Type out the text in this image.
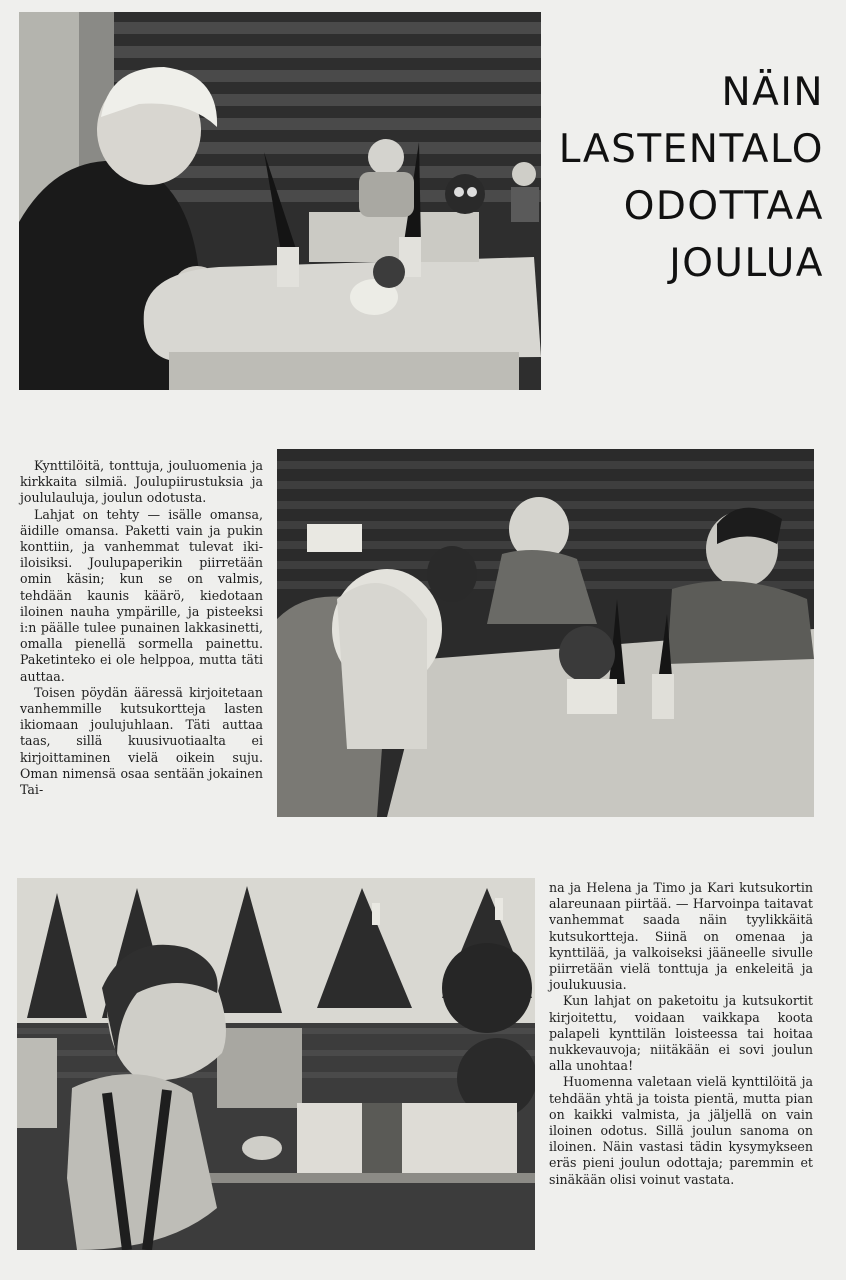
NÄIN
LASTENTALO
ODOTTAA
JOULUA

Kynttilöitä, tonttuja, jouluomenia ja kirkkaita silmiä. Joulupiirustuksia ja joululauluja, joulun odotusta.

Lahjat on tehty — isälle omansa, äidille omansa. Paketti vain ja pukin konttiin, ja vanhemmat tulevat iki-iloisiksi. Joulupaperikin piirretään omin käsin; kun se on valmis, tehdään kaunis käärö, kiedotaan iloinen nauha ympärille, ja pisteeksi i:n päälle tulee punainen lakkasinetti, omalla pienellä sormella painettu. Paketinteko ei ole helppoa, mutta täti auttaa.

Toisen pöydän ääressä kirjoitetaan vanhemmille kutsukortteja lasten ikiomaan joulujuhlaan. Täti auttaa taas, sillä kuusivuotiaalta ei kirjoittaminen vielä oikein suju. Oman nimensä osaa sentään jokainen Tai-

na ja Helena ja Timo ja Kari kutsukortin alareunaan piirtää. — Harvoinpa taitavat vanhemmat saada näin tyylikkäitä kutsukortteja. Siinä on omenaa ja kynttilää, ja valkoiseksi jääneelle sivulle piirretään vielä tonttuja ja enkeleitä ja joulukuusia.

Kun lahjat on paketoitu ja kutsukortit kirjoitettu, voidaan vaikkapa koota palapeli kynttilän loisteessa tai hoitaa nukkevauvoja; niitäkään ei sovi joulun alla unohtaa!

Huomenna valetaan vielä kynttilöitä ja tehdään yhtä ja toista pientä, mutta pian on kaikki valmista, ja jäljellä on vain iloinen odotus. Sillä joulun sanoma on iloinen. Näin vastasi tädin kysymykseen eräs pieni joulun odottaja; paremmin et sinäkään olisi voinut vastata.
